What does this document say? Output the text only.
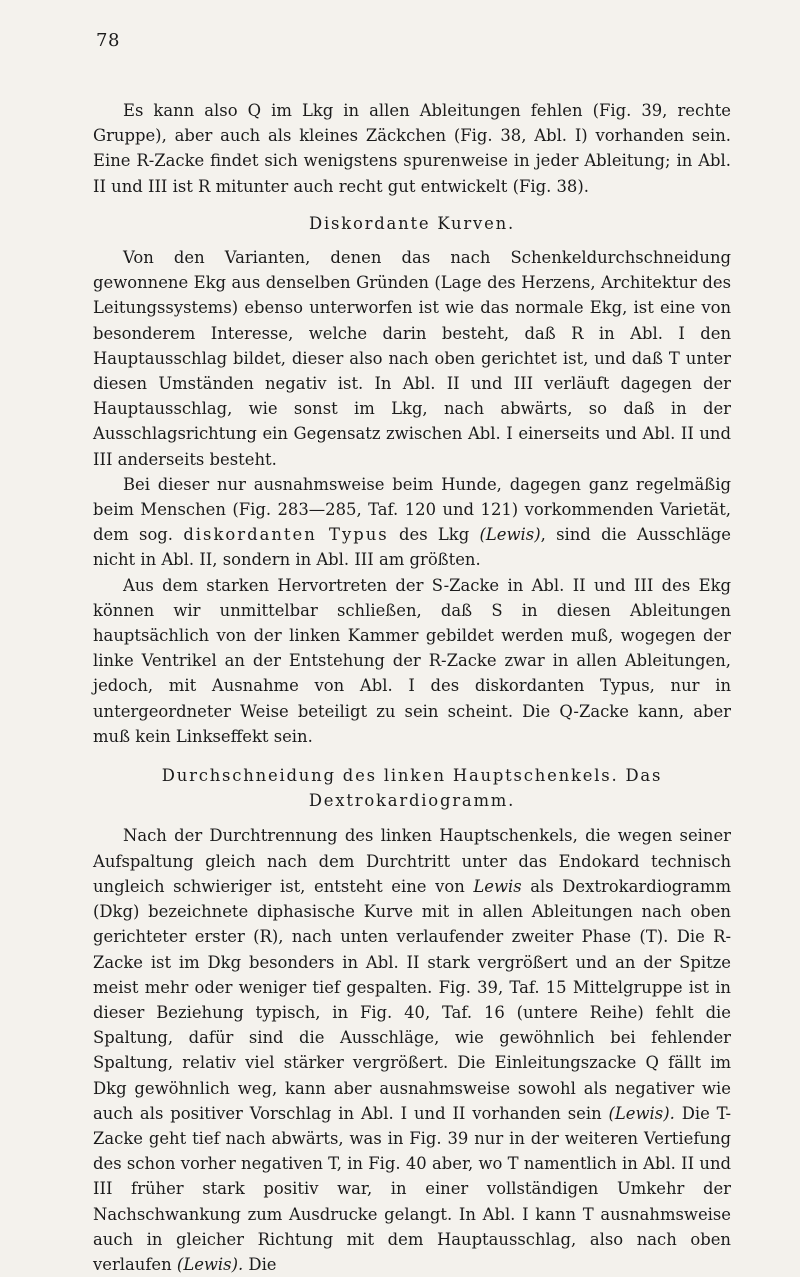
78

Es kann also Q im Lkg in allen Ableitungen fehlen (Fig. 39, rechte Gruppe), aber auch als kleines Zäckchen (Fig. 38, Abl. I) vorhanden sein. Eine R-Zacke findet sich wenigstens spurenweise in jeder Ableitung; in Abl. II und III ist R mitunter auch recht gut entwickelt (Fig. 38).

Diskordante Kurven.

Von den Varianten, denen das nach Schenkeldurchschneidung gewonnene Ekg aus denselben Gründen (Lage des Herzens, Architektur des Leitungssystems) ebenso unterworfen ist wie das normale Ekg, ist eine von besonderem Interesse, welche darin besteht, daß R in Abl. I den Hauptausschlag bildet, dieser also nach oben gerichtet ist, und daß T unter diesen Umständen negativ ist. In Abl. II und III verläuft dagegen der Hauptausschlag, wie sonst im Lkg, nach abwärts, so daß in der Ausschlagsrichtung ein Gegensatz zwischen Abl. I einerseits und Abl. II und III anderseits besteht.

Bei dieser nur ausnahmsweise beim Hunde, dagegen ganz regelmäßig beim Menschen (Fig. 283—285, Taf. 120 und 121) vorkommenden Varietät, dem sog. diskordanten Typus des Lkg (Lewis), sind die Ausschläge nicht in Abl. II, sondern in Abl. III am größten.

Aus dem starken Hervortreten der S-Zacke in Abl. II und III des Ekg können wir unmittelbar schließen, daß S in diesen Ableitungen hauptsächlich von der linken Kammer gebildet werden muß, wogegen der linke Ventrikel an der Entstehung der R-Zacke zwar in allen Ableitungen, jedoch, mit Ausnahme von Abl. I des diskordanten Typus, nur in untergeordneter Weise beteiligt zu sein scheint. Die Q-Zacke kann, aber muß kein Linkseffekt sein.

Durchschneidung des linken Hauptschenkels. Das Dextrokardiogramm.

Nach der Durchtrennung des linken Hauptschenkels, die wegen seiner Aufspaltung gleich nach dem Durchtritt unter das Endokard technisch ungleich schwieriger ist, entsteht eine von Lewis als Dextrokardiogramm (Dkg) bezeichnete diphasische Kurve mit in allen Ableitungen nach oben gerichteter erster (R), nach unten verlaufender zweiter Phase (T). Die R-Zacke ist im Dkg besonders in Abl. II stark vergrößert und an der Spitze meist mehr oder weniger tief gespalten. Fig. 39, Taf. 15 Mittelgruppe ist in dieser Beziehung typisch, in Fig. 40, Taf. 16 (untere Reihe) fehlt die Spaltung, dafür sind die Ausschläge, wie gewöhnlich bei fehlender Spaltung, relativ viel stärker vergrößert. Die Einleitungszacke Q fällt im Dkg gewöhnlich weg, kann aber ausnahmsweise sowohl als negativer wie auch als positiver Vorschlag in Abl. I und II vorhanden sein (Lewis). Die T-Zacke geht tief nach abwärts, was in Fig. 39 nur in der weiteren Vertiefung des schon vorher negativen T, in Fig. 40 aber, wo T namentlich in Abl. II und III früher stark positiv war, in einer vollständigen Umkehr der Nachschwankung zum Ausdrucke gelangt. In Abl. I kann T ausnahmsweise auch in gleicher Richtung mit dem Hauptausschlag, also nach oben verlaufen (Lewis). Die
